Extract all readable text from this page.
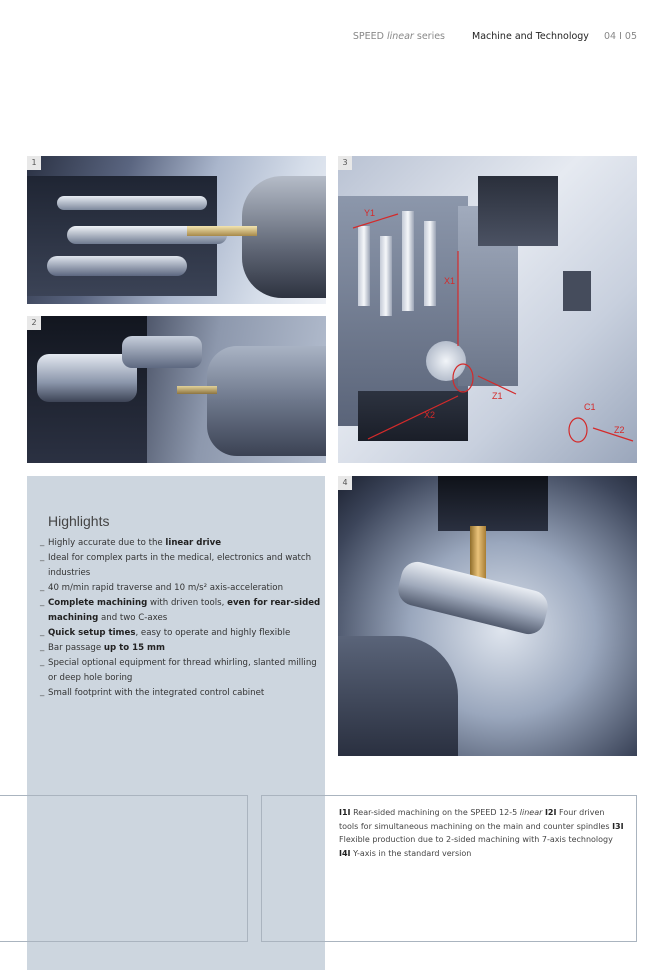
SPEED linear series	Machine and Technology 04 I 05
1
2
3
Y1
X1
Z1
X2
C1
Z2
4
Highlights
_ Highly accurate due to the linear drive
_ Ideal for complex parts in the medical, electronics and watch industries
_ 40 m/min rapid traverse and 10 m/s² axis-acceleration
_ Complete machining with driven tools, even for rear-sided machining and two C-axes
_ Quick setup times, easy to operate and highly flexible
_ Bar passage up to 15 mm
_ Special optional equipment for thread whirling, slanted milling or deep hole boring
_ Small footprint with the integrated control cabinet
I1I Rear-sided machining on the SPEED 12-5 linear I2I Four driven tools for simultaneous machining on the main and counter spindles I3I Flexible production due to 2-sided machining with 7-axis technology I4I Y-axis in the standard version
